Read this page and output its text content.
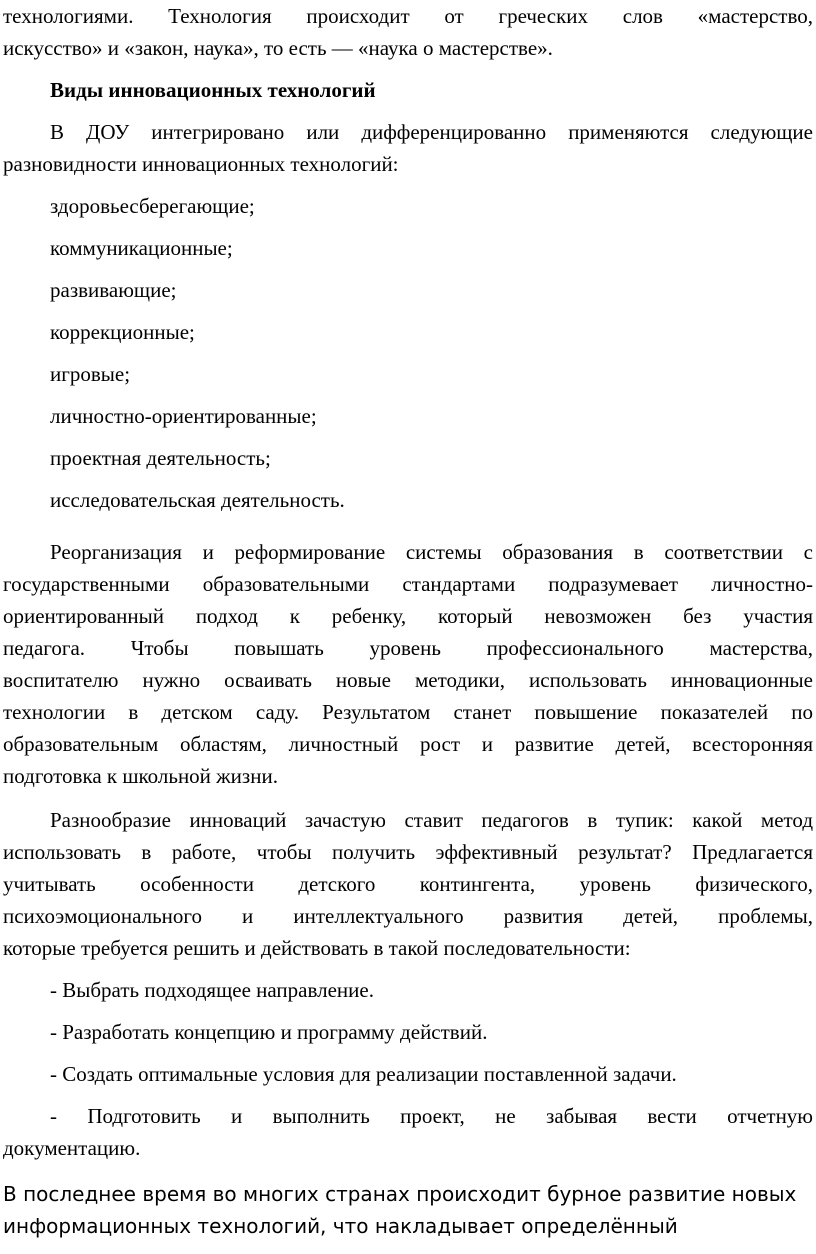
технологиями. Технология происходит от греческих слов «мастерство,
искусство» и «закон, наука», то есть — «наука о мастерстве».

Виды инновационных технологий

В ДОУ интегрировано или дифференцированно применяются следующие
разновидности инновационных технологий:

здоровьесберегающие;

коммуникационные;

развивающие;

коррекционные;

игровые;

личностно-ориентированные;

проектная деятельность;

исследовательская деятельность.

Реорганизация и реформирование системы образования в соответствии с
государственными образовательными стандартами подразумевает личностно-
ориентированный подход к ребенку, который невозможен без участия
педагога. Чтобы повышать уровень профессионального мастерства,
воспитателю нужно осваивать новые методики, использовать инновационные
технологии в детском саду. Результатом станет повышение показателей по
образовательным областям, личностный рост и развитие детей, всесторонняя
подготовка к школьной жизни.

Разнообразие инноваций зачастую ставит педагогов в тупик: какой метод
использовать в работе, чтобы получить эффективный результат? Предлагается
учитывать особенности детского контингента, уровень физического,
психоэмоционального и интеллектуального развития детей, проблемы,
которые требуется решить и действовать в такой последовательности:

- Выбрать подходящее направление.

- Разработать концепцию и программу действий.

- Создать оптимальные условия для реализации поставленной задачи.

- Подготовить и выполнить проект, не забывая вести отчетную
документацию.

В последнее время во многих странах происходит бурное развитие новых
информационных технологий, что накладывает определённый
